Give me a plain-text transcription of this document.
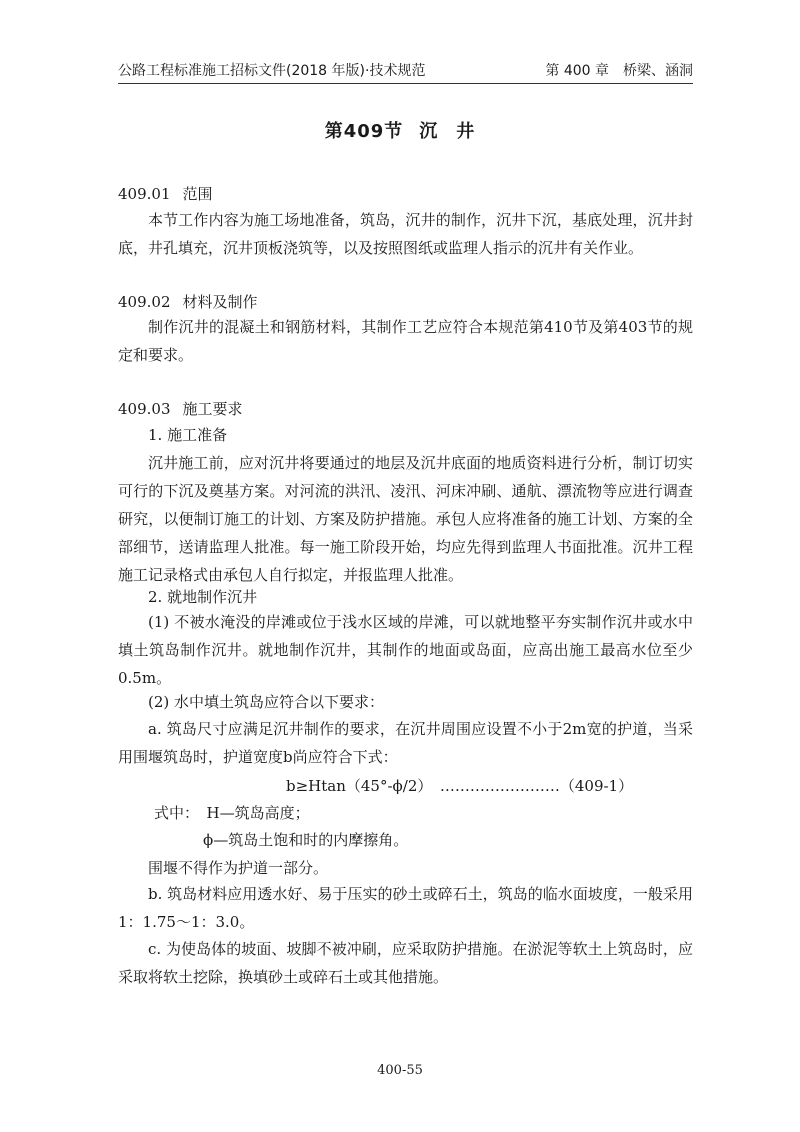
公路工程标准施工招标文件(2018 年版)·技术规范	第 400 章　桥梁、涵洞
第409节 沉 井
409.01 范围
本节工作内容为施工场地准备，筑岛，沉井的制作，沉井下沉，基底处理，沉井封底，井孔填充，沉井顶板浇筑等，以及按照图纸或监理人指示的沉井有关作业。
409.02 材料及制作
制作沉井的混凝土和钢筋材料，其制作工艺应符合本规范第410节及第403节的规定和要求。
409.03 施工要求
1. 施工准备
沉井施工前，应对沉井将要通过的地层及沉井底面的地质资料进行分析，制订切实可行的下沉及奠基方案。对河流的洪汛、凌汛、河床冲刷、通航、漂流物等应进行调查研究，以便制订施工的计划、方案及防护措施。承包人应将准备的施工计划、方案的全部细节，送请监理人批准。每一施工阶段开始，均应先得到监理人书面批准。沉井工程施工记录格式由承包人自行拟定，并报监理人批准。
2. 就地制作沉井
(1) 不被水淹没的岸滩或位于浅水区域的岸滩，可以就地整平夯实制作沉井或水中填土筑岛制作沉井。就地制作沉井，其制作的地面或岛面，应高出施工最高水位至少0.5m。
(2) 水中填土筑岛应符合以下要求：
a. 筑岛尺寸应满足沉井制作的要求，在沉井周围应设置不小于2m宽的护道，当采用围堰筑岛时，护道宽度b尚应符合下式：
b≥Htan（45°-ϕ/2）　……………………（409-1）
式中：　H—筑岛高度；
ϕ—筑岛土饱和时的内摩擦角。
围堰不得作为护道一部分。
b. 筑岛材料应用透水好、易于压实的砂土或碎石土，筑岛的临水面坡度，一般采用1：1.75～1：3.0。
c. 为使岛体的坡面、坡脚不被冲刷，应采取防护措施。在淤泥等软土上筑岛时，应采取将软土挖除，换填砂土或碎石土或其他措施。
400-55
